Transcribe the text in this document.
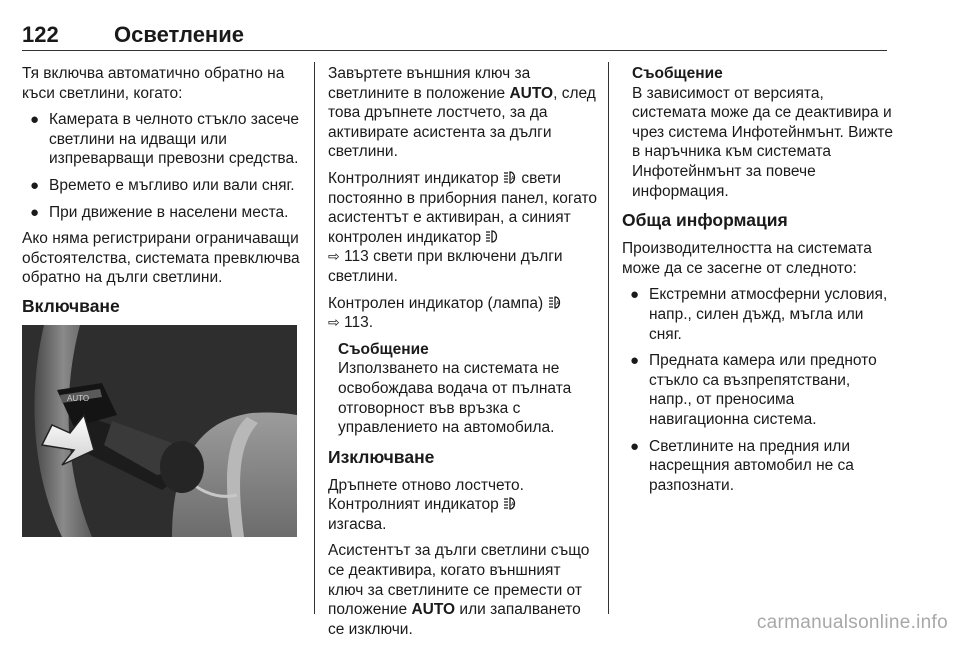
122	Осветление

Тя включва автоматично обратно на къси светлини, когато:

● Камерата в челното стъкло засече светлини на идващи или изпреварващи превозни средства.
● Времето е мъгливо или вали сняг.
● При движение в населени места.

Ако няма регистрирани ограничаващи обстоятелства, системата превключва обратно на дълги светлини.

Включване
AUTO

Завъртете външния ключ за светлините в положение AUTO, след това дръпнете лостчето, за да активирате асистента за дълги светлини.

Контролният индикатор A свети постоянно в приборния панел, когато асистентът е активиран, а синият контролен индикатор
⇨ 113 свети при включени дълги светлини.

Контролен индикатор (лампа) A

⇨ 113.

Съобщение
Използването на системата не освобождава водача от пълната отговорност във връзка с управлението на автомобила.
Изключване

Дръпнете отново лостчето.
Контролният индикатор A

изгасва.

Асистентът за дълги светлини също се деактивира, когато външният ключ за светлините се премести от положение AUTO или запалването се изключи.

Съобщение
В зависимост от версията, системата може да се деактивира и чрез система Инфотейнмънт. Вижте в наръчника към системата Инфотейнмънт за повече информация.
Обща информация

Производителността на системата може да се засегне от следното:

● Екстремни атмосферни условия, напр., силен дъжд, мъгла или сняг.
● Предната камера или предното стъкло са възпрепятствани, напр., от преносима навигационна система.
● Светлините на предния или насрещния автомобил не са разпознати.
carmanualsonline.info
